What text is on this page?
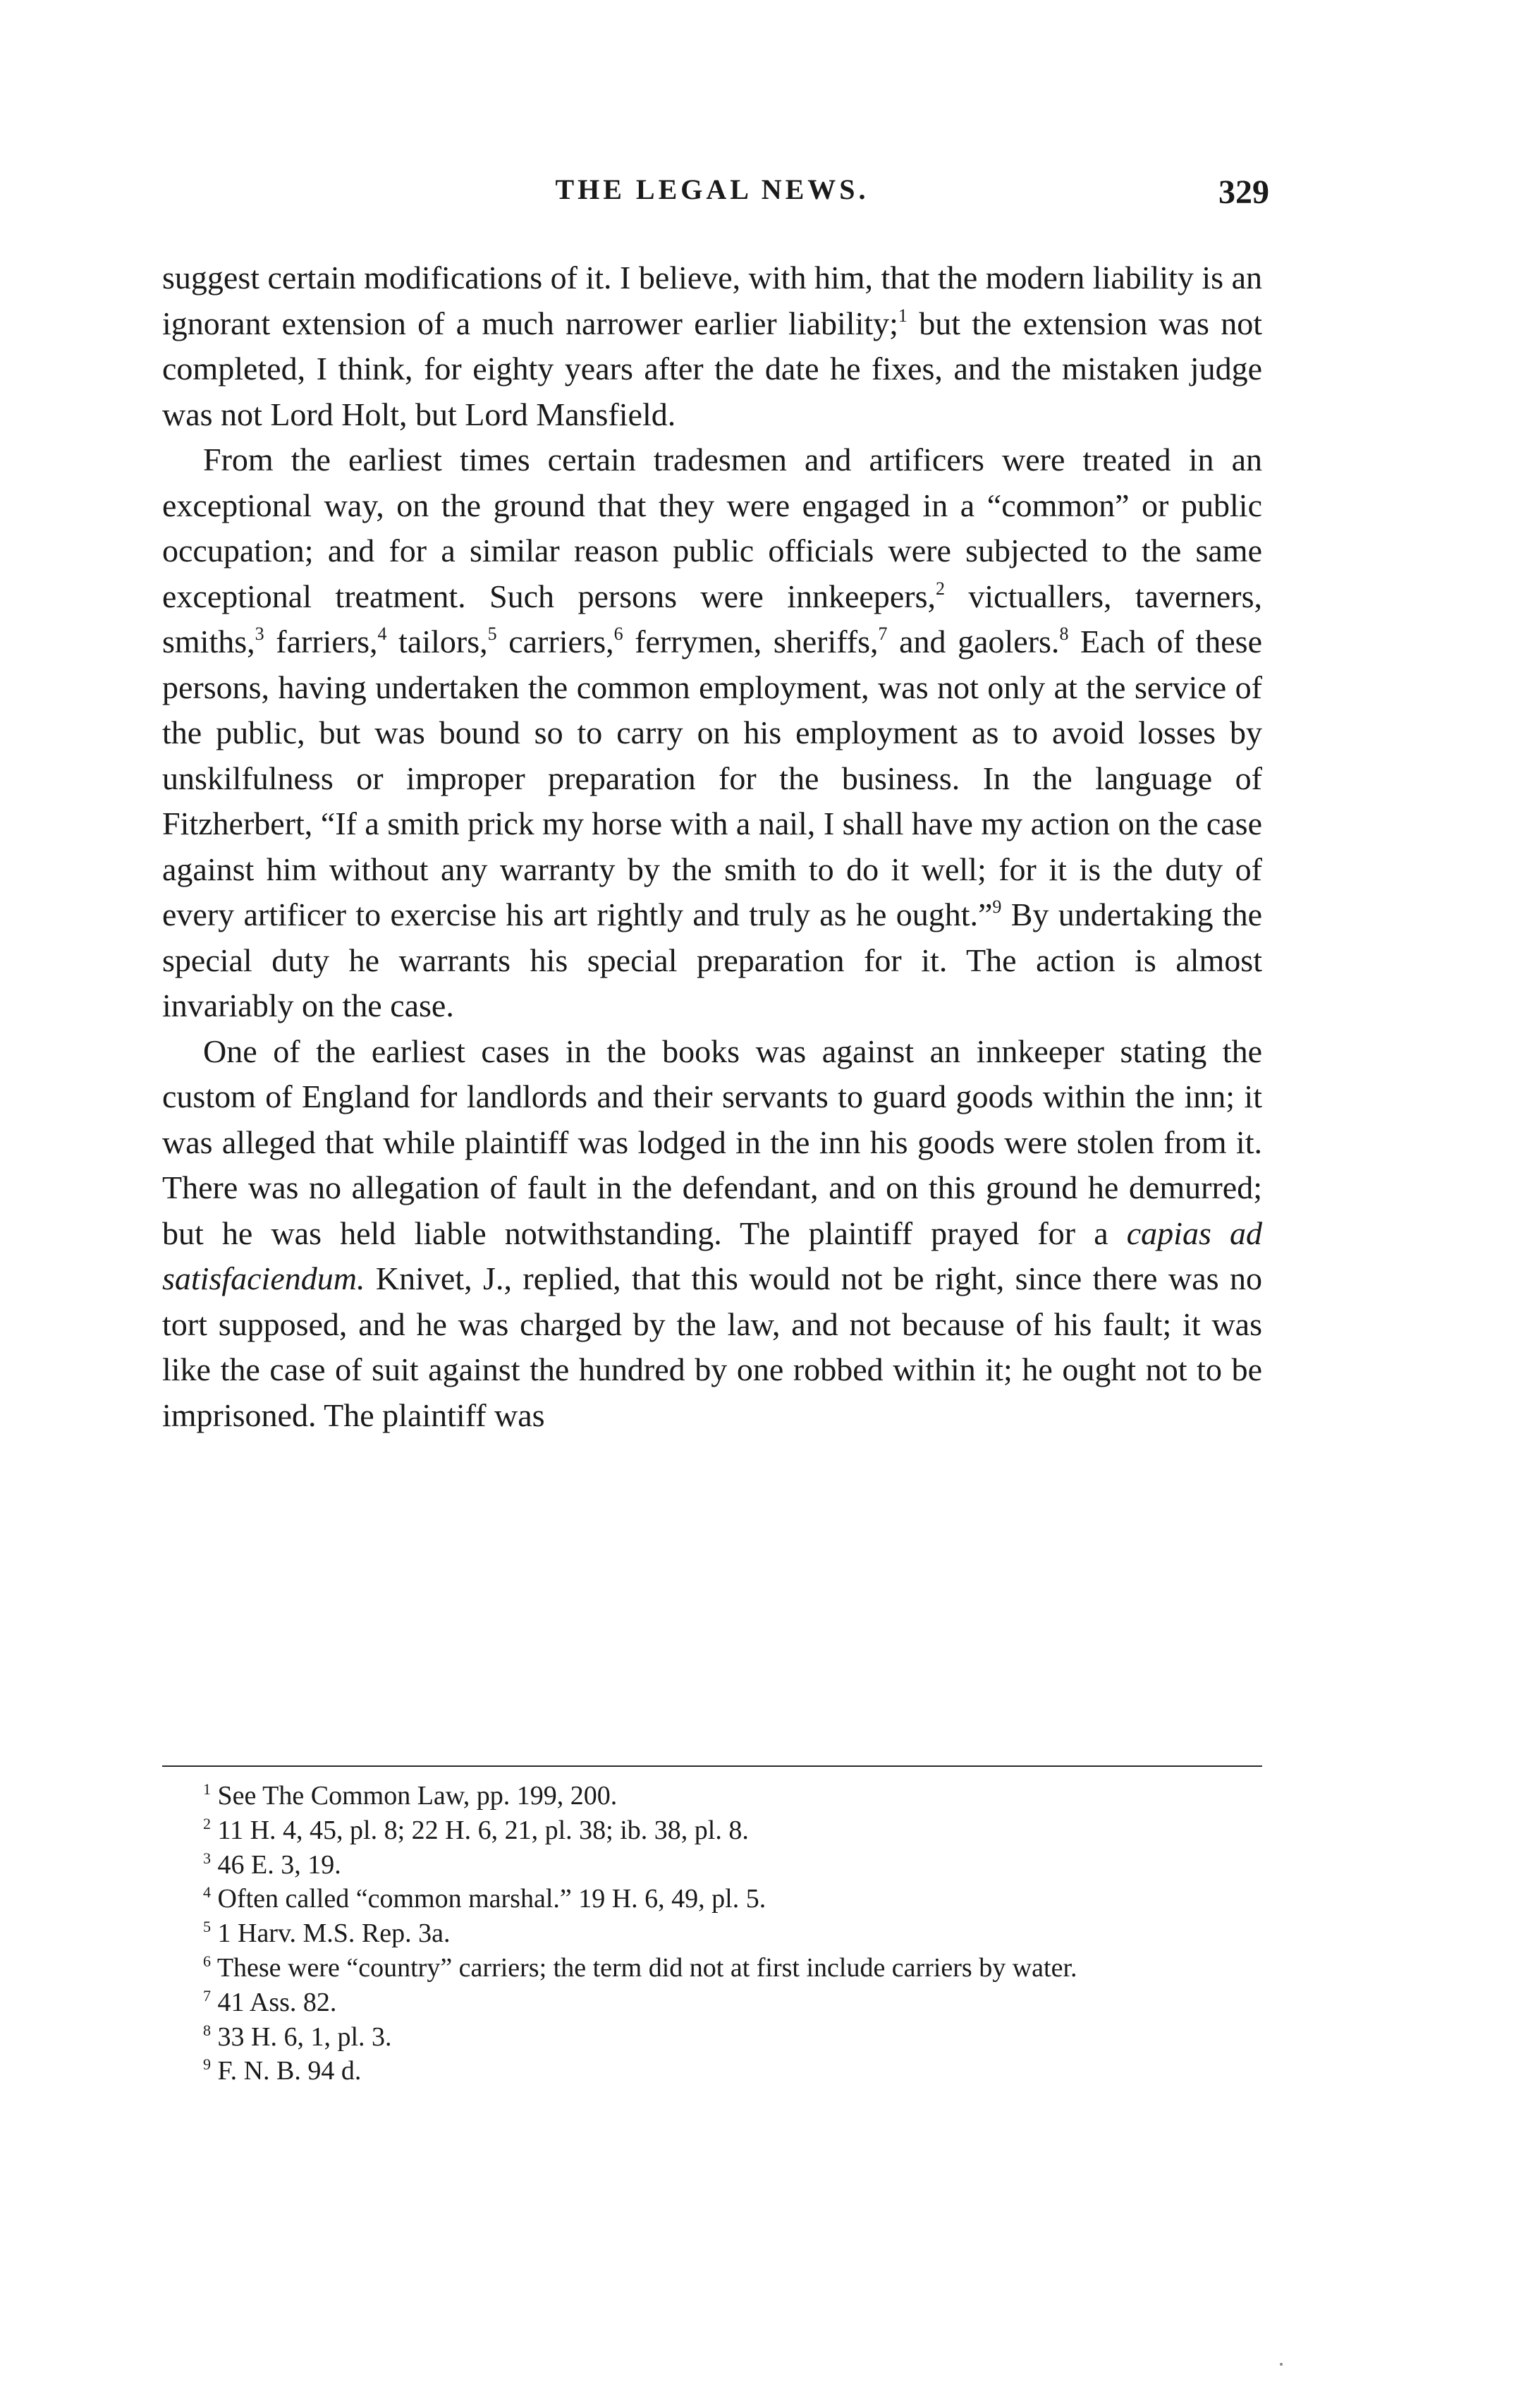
THE LEGAL NEWS.	329

suggest certain modifications of it. I believe, with him, that the modern liability is an ignorant extension of a much narrower earlier liability;$^1$ but the extension was not completed, I think, for eighty years after the date he fixes, and the mistaken judge was not Lord Holt, but Lord Mansfield.

From the earliest times certain tradesmen and artificers were treated in an exceptional way, on the ground that they were engaged in a “common” or public occupation; and for a similar reason public officials were subjected to the same exceptional treatment. Such persons were innkeepers,$^2$ victuallers, taverners, smiths,$^3$ farriers,$^4$ tailors,$^5$ carriers,$^6$ ferrymen, sheriffs,$^7$ and gaolers.$^8$ Each of these persons, having undertaken the common employment, was not only at the service of the public, but was bound so to carry on his employment as to avoid losses by unskilfulness or improper preparation for the business. In the language of Fitzherbert, “If a smith prick my horse with a nail, I shall have my action on the case against him without any warranty by the smith to do it well; for it is the duty of every artificer to exercise his art rightly and truly as he ought.”$^9$ By undertaking the special duty he warrants his special preparation for it. The action is almost invariably on the case.

One of the earliest cases in the books was against an innkeeper stating the custom of England for landlords and their servants to guard goods within the inn; it was alleged that while plaintiff was lodged in the inn his goods were stolen from it. There was no allegation of fault in the defendant, and on this ground he demurred; but he was held liable notwithstanding. The plaintiff prayed for a capias ad satisfaciendum. Knivet, J., replied, that this would not be right, since there was no tort supposed, and he was charged by the law, and not because of his fault; it was like the case of suit against the hundred by one robbed within it; he ought not to be imprisoned. The plaintiff was

$^1$ See The Common Law, pp. 199, 200.

$^2$ 11 H. 4, 45, pl. 8; 22 H. 6, 21, pl. 38; ib. 38, pl. 8.

$^3$ 46 E. 3, 19.

$^4$ Often called “common marshal.” 19 H. 6, 49, pl. 5.

$^5$ 1 Harv. M.S. Rep. 3a.

$^6$ These were “country” carriers; the term did not at first include carriers by water.

$^7$ 41 Ass. 82.

$^8$ 33 H. 6, 1, pl. 3.

$^9$ F. N. B. 94 d.
